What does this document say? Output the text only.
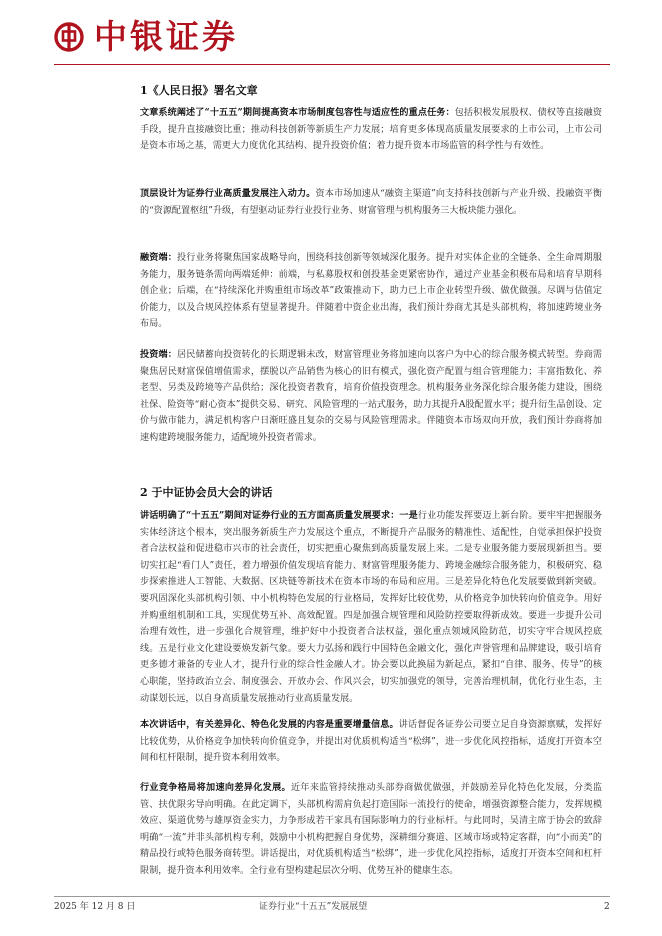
中银证券
1《人民日报》署名文章

文章系统阐述了“十五五”期间提高资本市场制度包容性与适应性的重点任务：包括积极发展股权、债权等直接融资手段，提升直接融资比重；推动科技创新等新质生产力发展；培育更多体现高质量发展要求的上市公司，上市公司是资本市场之基，需更大力度优化其结构、提升投资价值；着力提升资本市场监管的科学性与有效性。

顶层设计为证券行业高质量发展注入动力。资本市场加速从“融资主渠道”向支持科技创新与产业升级、投融资平衡的“资源配置枢纽”升级，有望驱动证券行业投行业务、财富管理与机构服务三大板块能力强化。

融资端：投行业务将聚焦国家战略导向，围绕科技创新等领域深化服务。提升对实体企业的全链条、全生命周期服务能力，服务链条需向两端延伸：前端，与私募股权和创投基金更紧密协作，通过产业基金积极布局和培育早期科创企业；后端，在“持续深化并购重组市场改革”政策推动下，助力已上市企业转型升级、做优做强。尽调与估值定价能力，以及合规风控体系有望显著提升。伴随着中资企业出海，我们预计券商尤其是头部机构，将加速跨境业务布局。

投资端：居民储蓄向投资转化的长期逻辑未改，财富管理业务将加速向以客户为中心的综合服务模式转型。券商需聚焦居民财富保值增值需求，摆脱以产品销售为核心的旧有模式，强化资产配置与组合管理能力；丰富指数化、养老型、另类及跨境等产品供给；深化投资者教育，培育价值投资理念。机构服务业务深化综合服务能力建设，围绕社保、险资等“耐心资本”提供交易、研究、风险管理的一站式服务，助力其提升A股配置水平；提升衍生品创设、定价与做市能力，满足机构客户日渐旺盛且复杂的交易与风险管理需求。伴随资本市场双向开放，我们预计券商将加速构建跨境服务能力，适配境外投资者需求。

2 于中证协会员大会的讲话

讲话明确了“十五五”期间对证券行业的五方面高质量发展要求：一是行业功能发挥要迈上新台阶。要牢牢把握服务实体经济这个根本，突出服务新质生产力发展这个重点，不断提升产品服务的精准性、适配性，自觉承担保护投资者合法权益和促进稳市兴市的社会责任，切实把重心聚焦到高质量发展上来。二是专业服务能力要展现新担当。要切实扛起“看门人”责任，着力增强价值发现培育能力、财富管理服务能力、跨境金融综合服务能力，积极研究、稳步探索推进人工智能、大数据、区块链等新技术在资本市场的布局和应用。三是差异化特色化发展要做到新突破。要巩固深化头部机构引领、中小机构特色发展的行业格局，发挥好比较优势，从价格竞争加快转向价值竞争。用好并购重组机制和工具，实现优势互补、高效配置。四是加强合规管理和风险防控要取得新成效。要进一步提升公司治理有效性，进一步强化合规管理，维护好中小投资者合法权益，强化重点领域风险防范，切实守牢合规风控底线。五是行业文化建设要焕发新气象。要大力弘扬和践行中国特色金融文化，强化声誉管理和品牌建设，吸引培育更多德才兼备的专业人才，提升行业的综合性金融人才。协会要以此换届为新起点，紧扣“自律、服务、传导”的核心职能，坚持政治立会、制度强会、开放办会、作风兴会，切实加强党的领导，完善治理机制，优化行业生态，主动谋划长远，以自身高质量发展推动行业高质量发展。

本次讲话中，有关差异化、特色化发展的内容是重要增量信息。讲话督促各证券公司要立足自身资源禀赋，发挥好比较优势，从价格竞争加快转向价值竞争，并提出对优质机构适当“松绑”，进一步优化风控指标，适度打开资本空间和杠杆限制，提升资本利用效率。

行业竞争格局将加速向差异化发展。近年来监管持续推动头部券商做优做强，并鼓励差异化特色化发展，分类监管、扶优限劣导向明确。在此定调下，头部机构需肩负起打造国际一流投行的使命，增强资源整合能力，发挥规模效应、渠道优势与雄厚资金实力，力争形成若干家具有国际影响力的行业标杆。与此同时，吴清主席于协会的致辞明确“一流”并非头部机构专利，鼓励中小机构把握自身优势，深耕细分赛道、区域市场或特定客群，向“小而美”的精品投行或特色服务商转型。讲话提出，对优质机构适当“松绑”，进一步优化风控指标，适度打开资本空间和杠杆限制，提升资本利用效率。全行业有望构建起层次分明、优势互补的健康生态。

2025 年 12 月 8 日	证券行业“十五五”发展展望	2
